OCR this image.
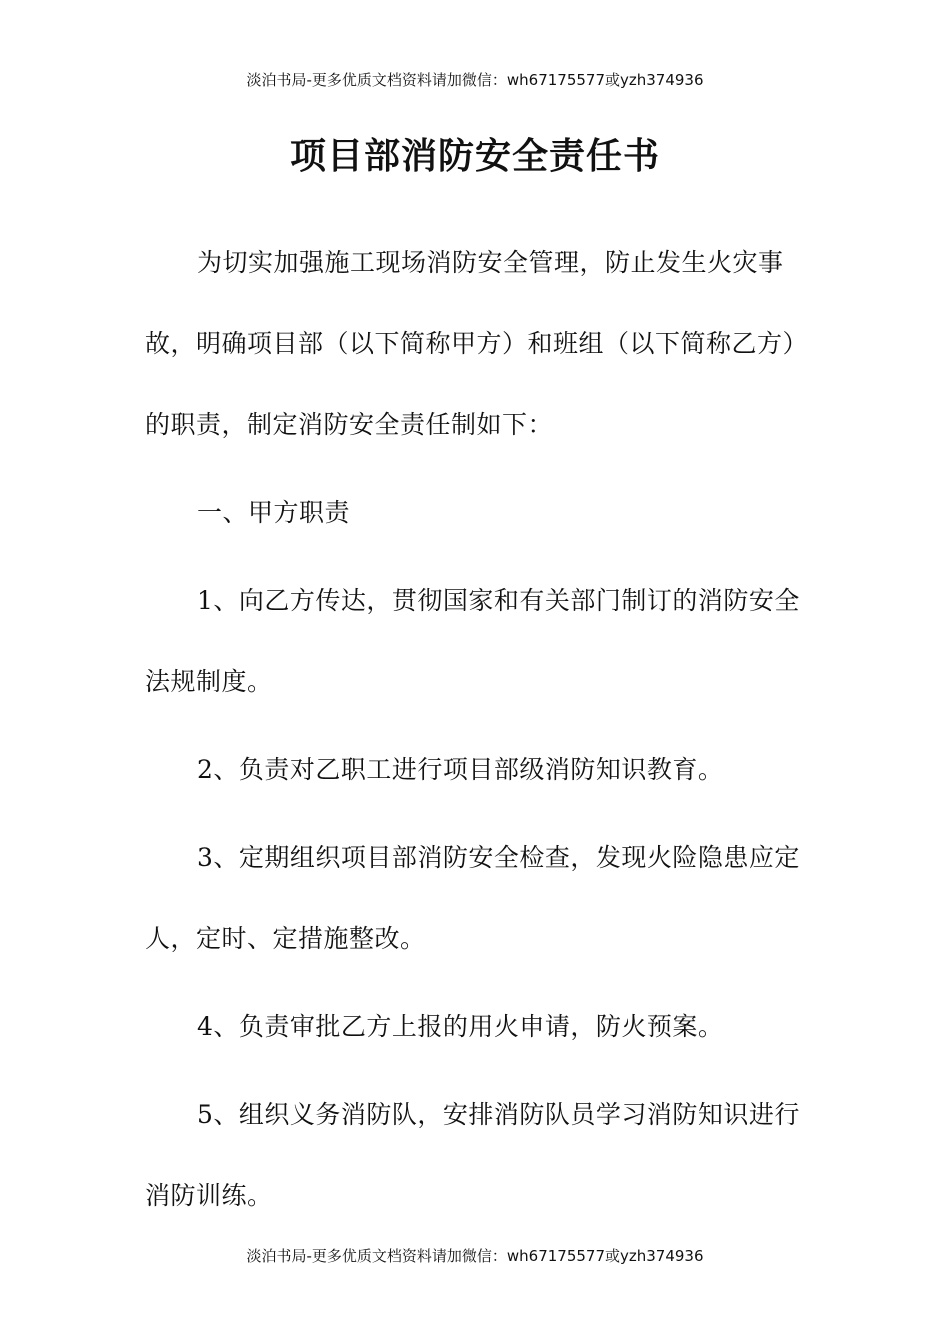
淡泊书局-更多优质文档资料请加微信：wh67175577或yzh374936
项目部消防安全责任书

为切实加强施工现场消防安全管理，防止发生火灾事故，明确项目部（以下简称甲方）和班组（以下简称乙方）的职责，制定消防安全责任制如下：

一、甲方职责

1、向乙方传达，贯彻国家和有关部门制订的消防安全法规制度。

2、负责对乙职工进行项目部级消防知识教育。

3、定期组织项目部消防安全检查，发现火险隐患应定人，定时、定措施整改。

4、负责审批乙方上报的用火申请，防火预案。

5、组织义务消防队，安排消防队员学习消防知识进行消防训练。

淡泊书局-更多优质文档资料请加微信：wh67175577或yzh374936
